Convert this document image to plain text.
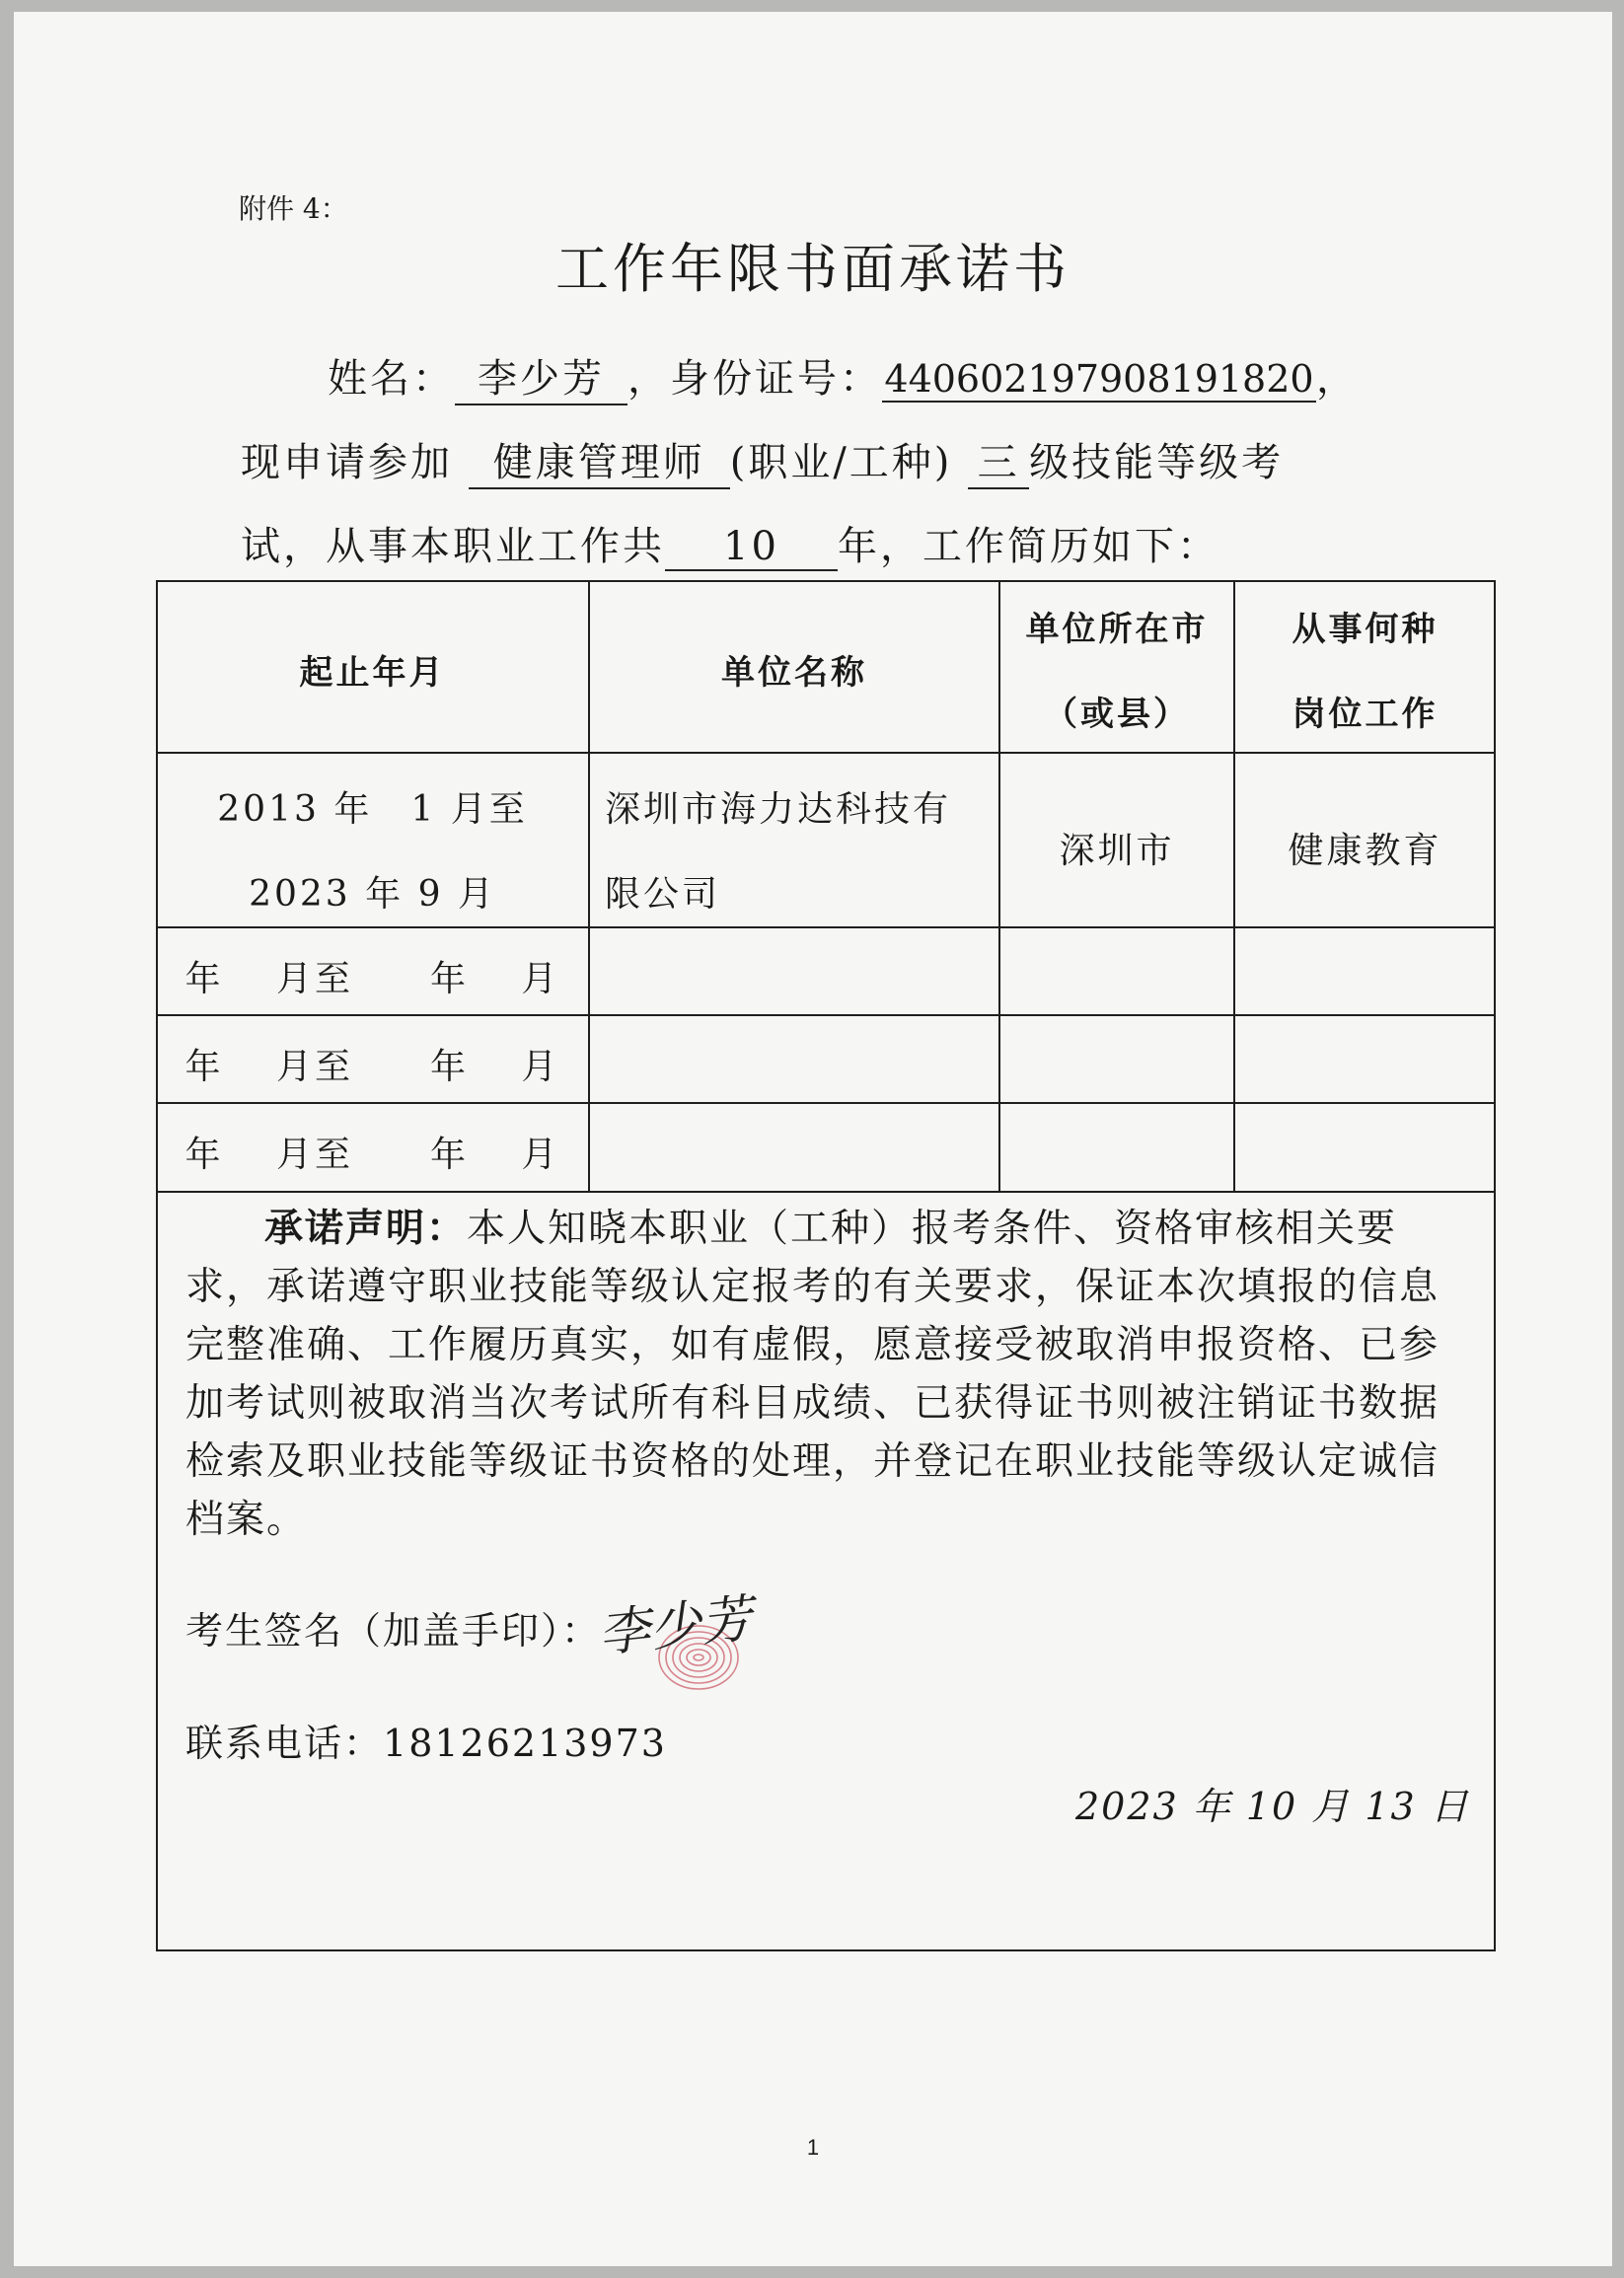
附件 4：
工作年限书面承诺书
姓名： 李少芳 ，身份证号：440602197908191820，
现申请参加 健康管理师 (职业/工种) 三 级技能等级考
试，从事本职业工作共 10 年，工作简历如下：
起止年月	单位名称
单位所在市
（或县）
从事何种
岗位工作
2013 年　1 月至
2023 年 9 月
深圳市海力达科技有
限公司
深圳市	健康教育
年　 月至　　年　 月
年　 月至　　年　 月
年　 月至　　年　 月
承诺声明：本人知晓本职业（工种）报考条件、资格审核相关要求，承诺遵守职业技能等级认定报考的有关要求，保证本次填报的信息完整准确、工作履历真实，如有虚假，愿意接受被取消申报资格、已参加考试则被取消当次考试所有科目成绩、已获得证书则被注销证书数据检索及职业技能等级证书资格的处理，并登记在职业技能等级认定诚信档案。
考生签名（加盖手印）：
李少芳
联系电话：18126213973
2023 年 10 月 13 日
1
